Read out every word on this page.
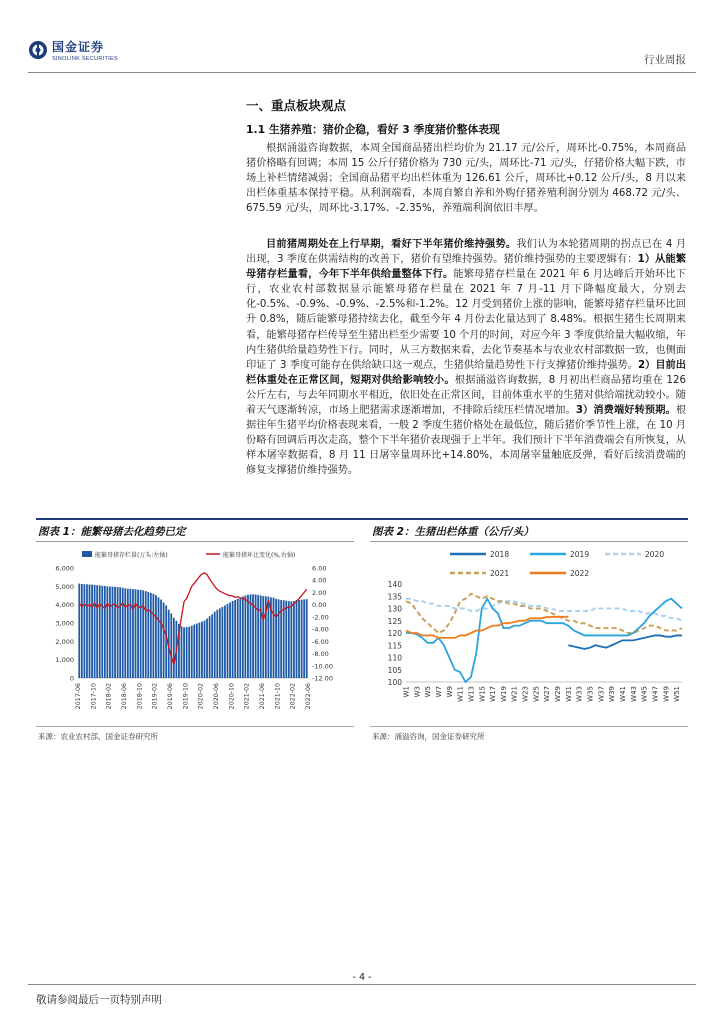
国金证券
SINOLINK SECURITIES	行业周报
一、重点板块观点
1.1 生猪养殖：猪价企稳，看好 3 季度猪价整体表现
根据涌溢咨询数据，本周全国商品猪出栏均价为 21.17 元/公斤，周环比-0.75%，本周商品猪价格略有回调；本周 15 公斤仔猪价格为 730 元/头，周环比-71 元/头，仔猪价格大幅下跌，市场上补栏情绪减弱；全国商品猪平均出栏体重为 126.61 公斤，周环比+0.12 公斤/头，8 月以来出栏体重基本保持平稳。从利润端看，本周自繁自养和外购仔猪养殖利润分别为 468.72 元/头、675.59 元/头，周环比-3.17%、-2.35%，养殖端利润依旧丰厚。
目前猪周期处在上行早期，看好下半年猪价维持强势。我们认为本轮猪周期的拐点已在 4 月出现，3 季度在供需结构的改善下，猪价有望维持强势。猪价维持强势的主要逻辑有：1）从能繁母猪存栏量看，今年下半年供给量整体下行。能繁母猪存栏量在 2021 年 6 月达峰后开始环比下行，农业农村部数据显示能繁母猪存栏量在 2021 年 7 月-11 月下降幅度最大，分别去化-0.5%、-0.9%、-0.9%、-2.5%和-1.2%。12 月受到猪价上涨的影响，能繁母猪存栏量环比回升 0.8%，随后能繁母猪持续去化，截至今年 4 月份去化量达到了 8.48%。根据生猪生长周期来看，能繁母猪存栏传导至生猪出栏至少需要 10 个月的时间，对应今年 3 季度供给量大幅收缩，年内生猪供给量趋势性下行。同时，从三方数据来看，去化节奏基本与农业农村部数据一致，也侧面印证了 3 季度可能存在供给缺口这一观点，生猪供给量趋势性下行支撑猪价维持强势。2）目前出栏体重处在正常区间，短期对供给影响较小。根据涌溢咨询数据，8 月初出栏商品猪均重在 126 公斤左右，与去年同期水平相近，依旧处在正常区间，目前体重水平的生猪对供给端扰动较小。随着天气逐渐转凉，市场上肥猪需求逐渐增加，不排除后续压栏情况增加。3）消费端好转预期。根据往年生猪平均价格表现来看，一般 2 季度生猪价格处在最低位，随后猪价季节性上涨，在 10 月份略有回调后再次走高，整个下半年猪价表现强于上半年。我们预计下半年消费端会有所恢复，从样本屠宰数据看，8 月 11 日屠宰量周环比+14.80%，本周屠宰量触底反弹，看好后续消费端的修复支撑猪价维持强势。
图表 1：能繁母猪去化趋势已定	图表 2：生猪出栏体重（公斤/头）
能繁母猪存栏量(万头:左轴)	能繁母猪环比变化(%,右轴)
6,000
5,000
4,000
3,000
2,000
1,000
0
6.00
4.00
2.00
0.00
-2.00
-4.00
-6.00
-8.00
-10.00
-12.00
2017-06 2017-10 2018-02 2018-06 2018-10 2019-02 2019-06 2019-10 2020-02 2020-06 2020-10 2021-02 2021-06 2021-10 2022-02 2022-06
2018	2019	2020
2021	2022
140
135
130
125
120
115
110
105
100
W1 W3 W5 W7 W9 W11 W13 W15 W17 W19 W21 W23 W25 W27 W29 W31 W33 W35 W37 W39 W41 W43 W45 W47 W49 W51
来源：农业农村部，国金证券研究所	来源：涌溢咨询，国金证券研究所
- 4 -
敬请参阅最后一页特别声明
